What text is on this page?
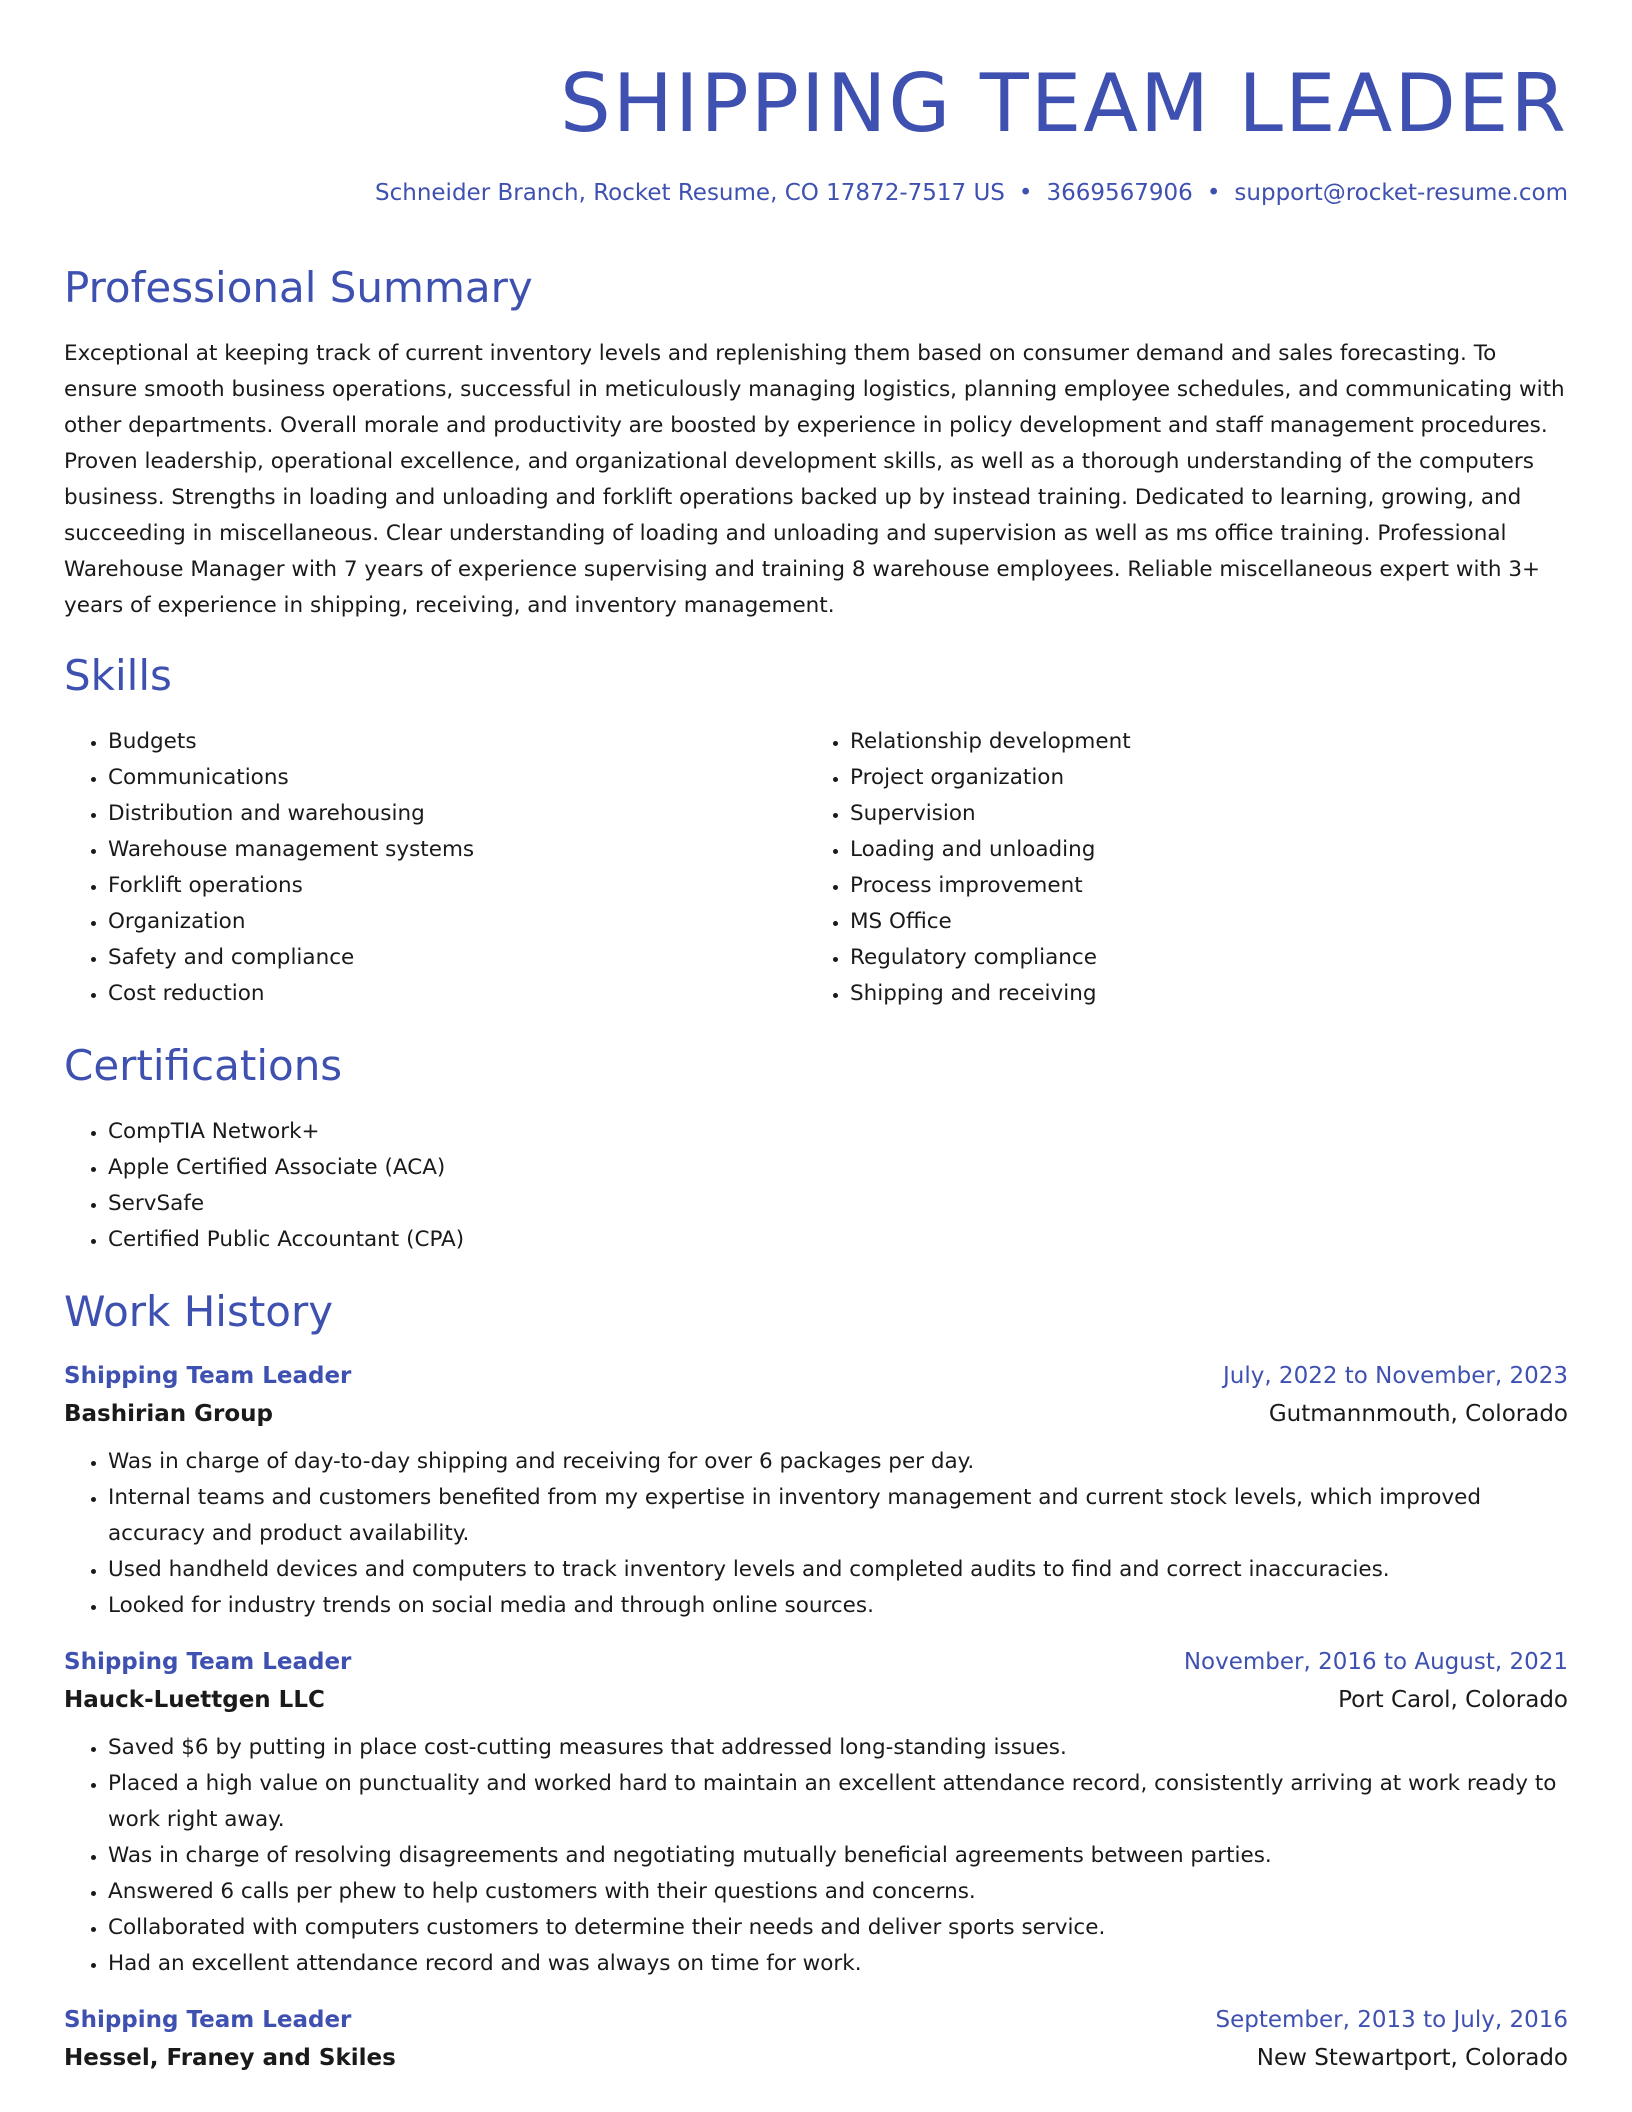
SHIPPING TEAM LEADER
Schneider Branch, Rocket Resume, CO 17872-7517 US • 3669567906 • support@rocket-resume.com
Professional Summary

Exceptional at keeping track of current inventory levels and replenishing them based on consumer demand and sales forecasting. To ensure smooth business operations, successful in meticulously managing logistics, planning employee schedules, and communicating with other departments. Overall morale and productivity are boosted by experience in policy development and staff management procedures. Proven leadership, operational excellence, and organizational development skills, as well as a thorough understanding of the computers business. Strengths in loading and unloading and forklift operations backed up by instead training. Dedicated to learning, growing, and succeeding in miscellaneous. Clear understanding of loading and unloading and supervision as well as ms office training. Professional Warehouse Manager with 7 years of experience supervising and training 8 warehouse employees. Reliable miscellaneous expert with 3+ years of experience in shipping, receiving, and inventory management.

Skills
• Budgets
• Communications
• Distribution and warehousing
• Warehouse management systems
• Forklift operations
• Organization
• Safety and compliance
• Cost reduction
• Relationship development
• Project organization
• Supervision
• Loading and unloading
• Process improvement
• MS Office
• Regulatory compliance
• Shipping and receiving
Certifications
• CompTIA Network+
• Apple Certified Associate (ACA)
• ServSafe
• Certified Public Accountant (CPA)
Work History
Shipping Team Leader	July, 2022 to November, 2023
Bashirian Group	Gutmannmouth, Colorado
• Was in charge of day-to-day shipping and receiving for over 6 packages per day.
• Internal teams and customers benefited from my expertise in inventory management and current stock levels, which improved accuracy and product availability.
• Used handheld devices and computers to track inventory levels and completed audits to find and correct inaccuracies.
• Looked for industry trends on social media and through online sources.
Shipping Team Leader	November, 2016 to August, 2021
Hauck-Luettgen LLC	Port Carol, Colorado
• Saved $6 by putting in place cost-cutting measures that addressed long-standing issues.
• Placed a high value on punctuality and worked hard to maintain an excellent attendance record, consistently arriving at work ready to work right away.
• Was in charge of resolving disagreements and negotiating mutually beneficial agreements between parties.
• Answered 6 calls per phew to help customers with their questions and concerns.
• Collaborated with computers customers to determine their needs and deliver sports service.
• Had an excellent attendance record and was always on time for work.
Shipping Team Leader	September, 2013 to July, 2016
Hessel, Franey and Skiles	New Stewartport, Colorado
